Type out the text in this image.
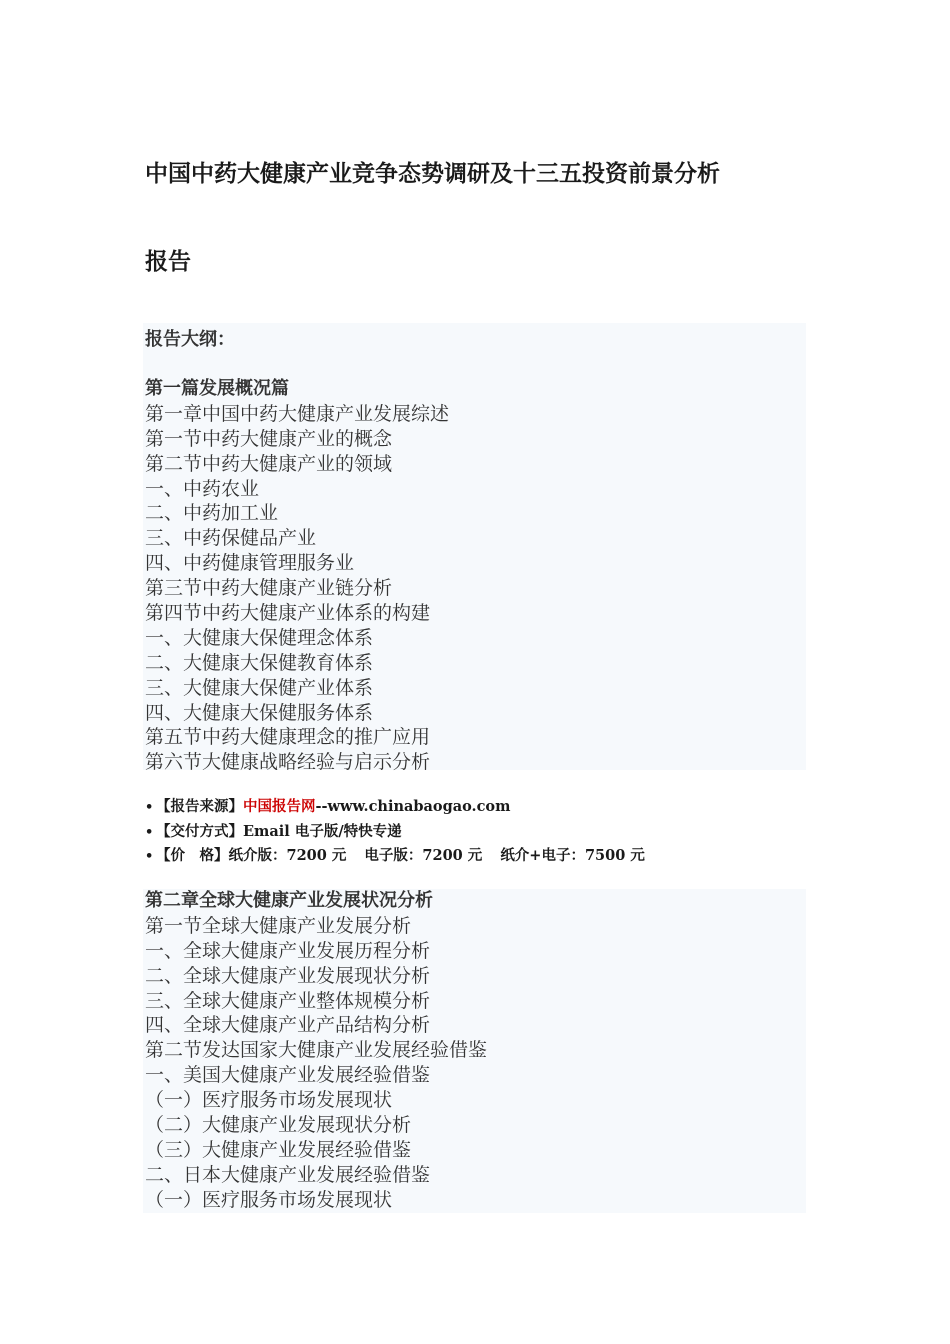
中国中药大健康产业竞争态势调研及十三五投资前景分析
报告
报告大纲：
第一篇发展概况篇
第一章中国中药大健康产业发展综述
第一节中药大健康产业的概念
第二节中药大健康产业的领域
一、中药农业
二、中药加工业
三、中药保健品产业
四、中药健康管理服务业
第三节中药大健康产业链分析
第四节中药大健康产业体系的构建
一、大健康大保健理念体系
二、大健康大保健教育体系
三、大健康大保健产业体系
四、大健康大保健服务体系
第五节中药大健康理念的推广应用
第六节大健康战略经验与启示分析
• 【报告来源】中国报告网--www.chinabaogao.com
• 【交付方式】Email 电子版/特快专递
• 【价　格】纸介版：7200 元 电子版：7200 元 纸介+电子：7500 元
第二章全球大健康产业发展状况分析
第一节全球大健康产业发展分析
一、全球大健康产业发展历程分析
二、全球大健康产业发展现状分析
三、全球大健康产业整体规模分析
四、全球大健康产业产品结构分析
第二节发达国家大健康产业发展经验借鉴
一、美国大健康产业发展经验借鉴
（一）医疗服务市场发展现状
（二）大健康产业发展现状分析
（三）大健康产业发展经验借鉴
二、日本大健康产业发展经验借鉴
（一）医疗服务市场发展现状
